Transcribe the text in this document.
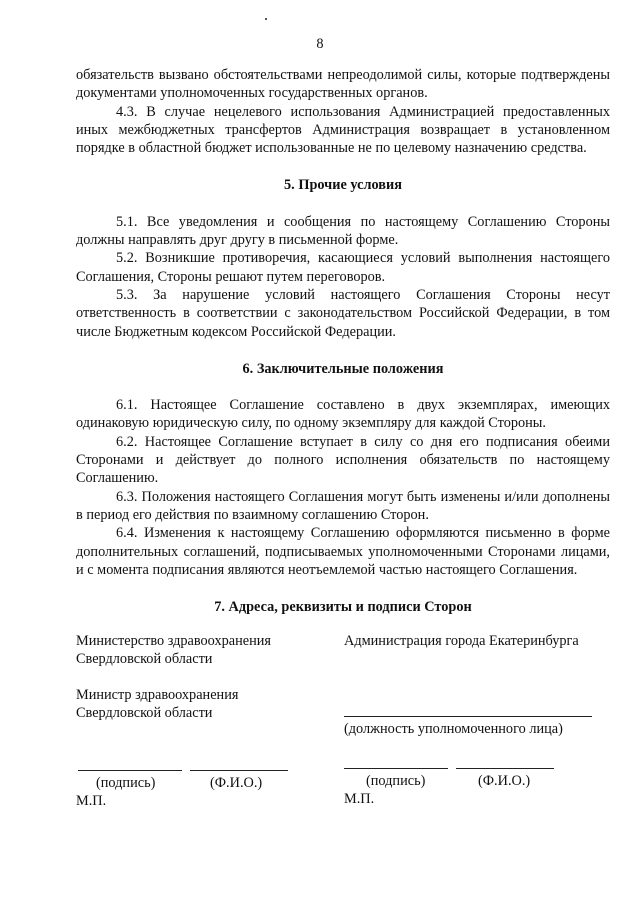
8

обязательств вызвано обстоятельствами непреодолимой силы, которые подтверждены документами уполномоченных государственных органов.

4.3. В случае нецелевого использования Администрацией предоставленных иных межбюджетных трансфертов Администрация возвращает в установленном порядке в областной бюджет использованные не по целевому назначению средства.

5. Прочие условия

5.1. Все уведомления и сообщения по настоящему Соглашению Стороны должны направлять друг другу в письменной форме.

5.2. Возникшие противоречия, касающиеся условий выполнения настоящего Соглашения, Стороны решают путем переговоров.

5.3. За нарушение условий настоящего Соглашения Стороны несут ответственность в соответствии с законодательством Российской Федерации, в том числе Бюджетным кодексом Российской Федерации.

6. Заключительные положения

6.1. Настоящее Соглашение составлено в двух экземплярах, имеющих одинаковую юридическую силу, по одному экземпляру для каждой Стороны.

6.2. Настоящее Соглашение вступает в силу со дня его подписания обеими Сторонами и действует до полного исполнения обязательств по настоящему Соглашению.

6.3. Положения настоящего Соглашения могут быть изменены и/или дополнены в период его действия по взаимному соглашению Сторон.

6.4. Изменения к настоящему Соглашению оформляются письменно в форме дополнительных соглашений, подписываемых уполномоченными Сторонами лицами, и с момента подписания являются неотъемлемой частью настоящего Соглашения.

7. Адреса, реквизиты и подписи Сторон

Министерство здравоохранения
Свердловской области
Министр здравоохранения
Свердловской области
(подпись)	(Ф.И.О.)
М.П.
Администрация города Екатеринбурга
(должность уполномоченного лица)
(подпись)	(Ф.И.О.)
М.П.
